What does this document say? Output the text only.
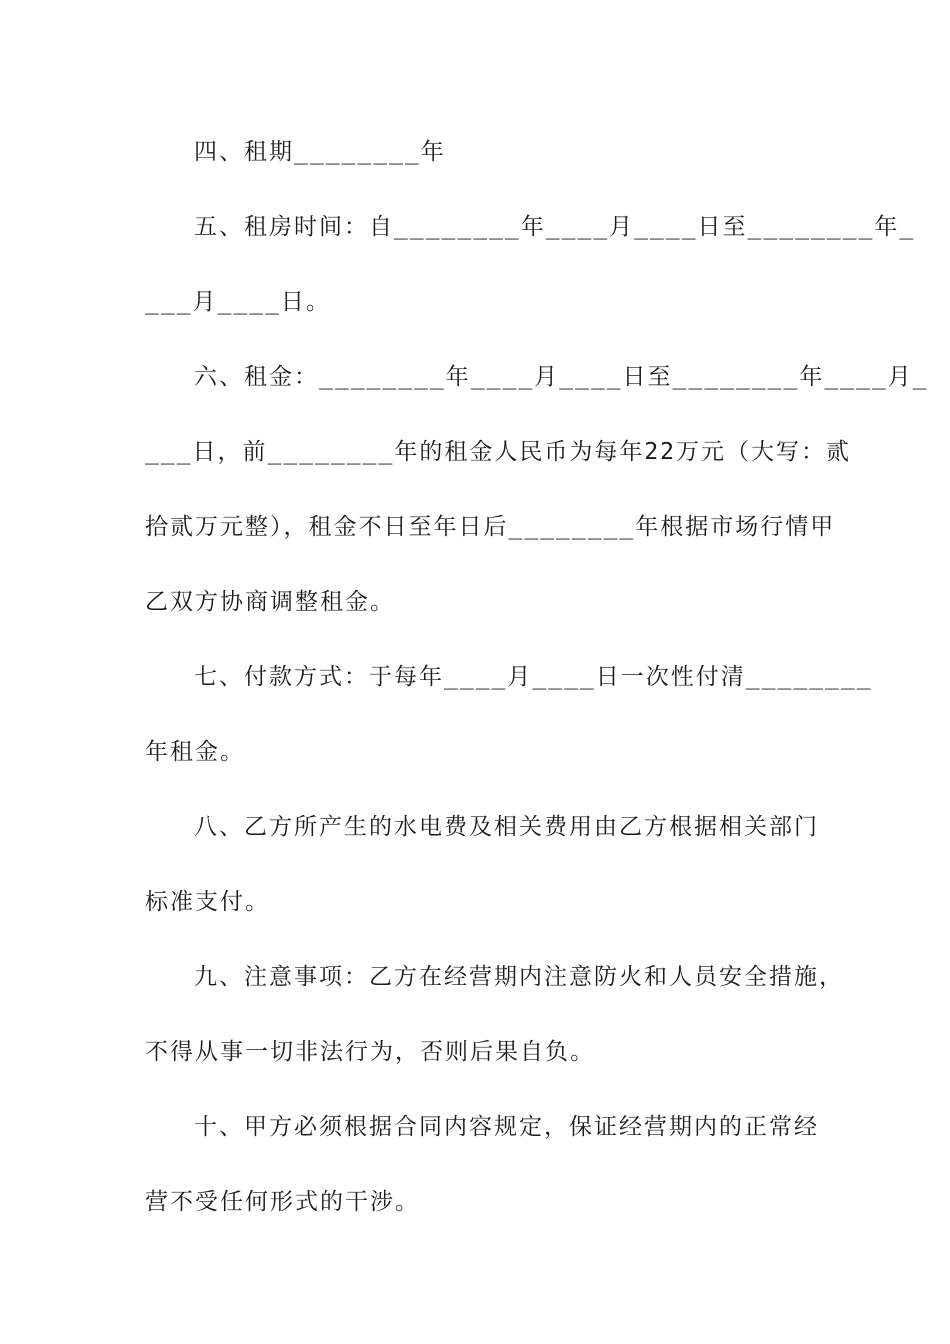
四、租期________年
五、租房时间：自________年____月____日至________年_
___月____日。
六、租金：________年____月____日至________年____月_
___日，前________年的租金人民币为每年22万元（大写：贰
拾贰万元整），租金不日至年日后________年根据市场行情甲
乙双方协商调整租金。
七、付款方式：于每年____月____日一次性付清________
年租金。
八、乙方所产生的水电费及相关费用由乙方根据相关部门
标准支付。
九、注意事项：乙方在经营期内注意防火和人员安全措施，
不得从事一切非法行为，否则后果自负。
十、甲方必须根据合同内容规定，保证经营期内的正常经
营不受任何形式的干涉。
